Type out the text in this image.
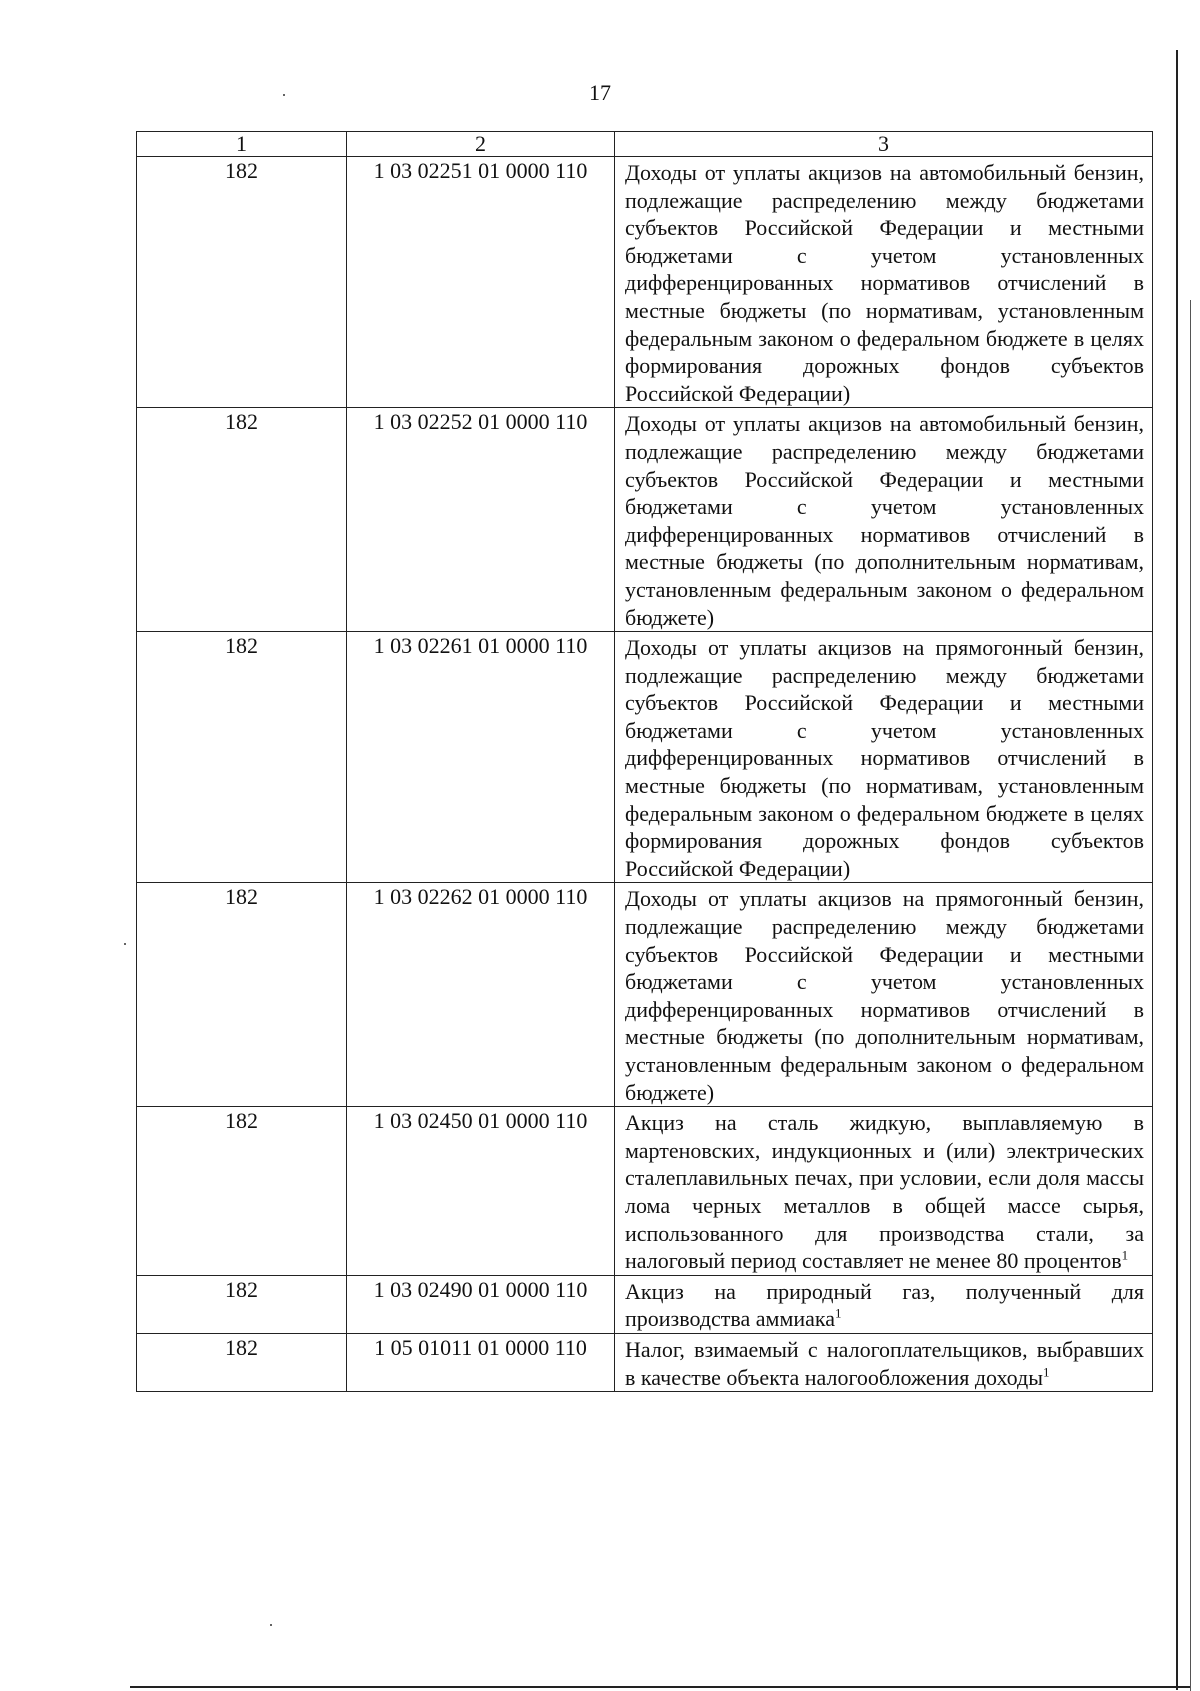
17
1	2	3
182	1 03 02251 01 0000 110	Доходы от уплаты акцизов на автомобильный бензин, подлежащие распределению между бюджетами субъектов Российской Федерации и местными бюджетами с учетом установленных дифференцированных нормативов отчислений в местные бюджеты (по нормативам, установленным федеральным законом о федеральном бюджете в целях формирования дорожных фондов субъектов Российской Федерации)
182	1 03 02252 01 0000 110	Доходы от уплаты акцизов на автомобильный бензин, подлежащие распределению между бюджетами субъектов Российской Федерации и местными бюджетами с учетом установленных дифференцированных нормативов отчислений в местные бюджеты (по дополнительным нормативам, установленным федеральным законом о федеральном бюджете)
182	1 03 02261 01 0000 110	Доходы от уплаты акцизов на прямогонный бензин, подлежащие распределению между бюджетами субъектов Российской Федерации и местными бюджетами с учетом установленных дифференцированных нормативов отчислений в местные бюджеты (по нормативам, установленным федеральным законом о федеральном бюджете в целях формирования дорожных фондов субъектов Российской Федерации)
182	1 03 02262 01 0000 110	Доходы от уплаты акцизов на прямогонный бензин, подлежащие распределению между бюджетами субъектов Российской Федерации и местными бюджетами с учетом установленных дифференцированных нормативов отчислений в местные бюджеты (по дополнительным нормативам, установленным федеральным законом о федеральном бюджете)
182	1 03 02450 01 0000 110	Акциз на сталь жидкую, выплавляемую в мартеновских, индукционных и (или) электрических сталеплавильных печах, при условии, если доля массы лома черных металлов в общей массе сырья, использованного для производства стали, за налоговый период составляет не менее 80 процентов$^1$
182	1 03 02490 01 0000 110	Акциз на природный газ, полученный для производства аммиака$^1$
182	1 05 01011 01 0000 110	Налог, взимаемый с налогоплательщиков, выбравших в качестве объекта налогообложения доходы$^1$
